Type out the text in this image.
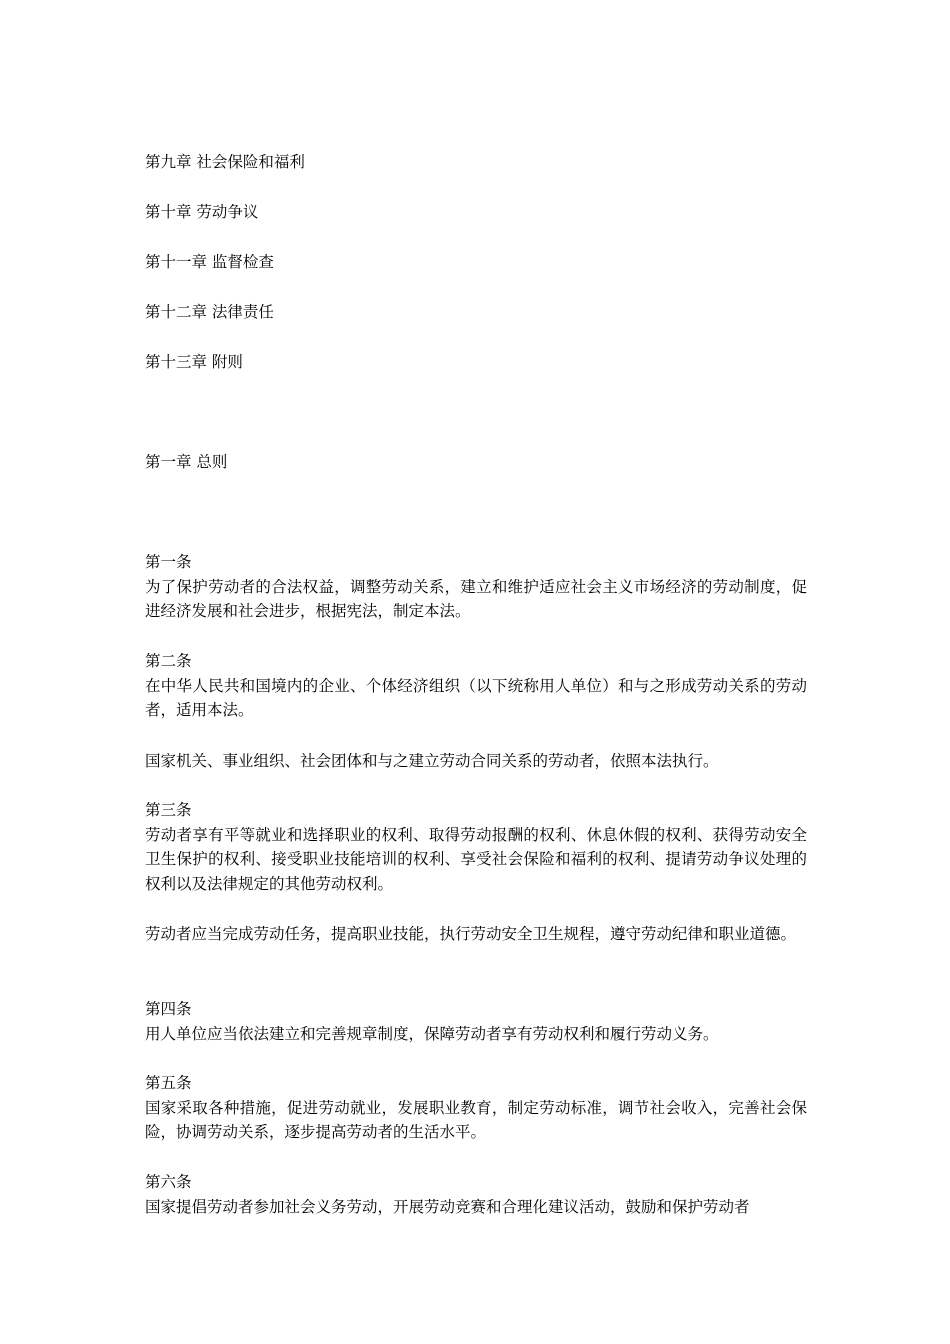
第九章 社会保险和福利
第十章 劳动争议
第十一章 监督检查
第十二章 法律责任
第十三章 附则
第一章 总则
第一条

为了保护劳动者的合法权益，调整劳动关系，建立和维护适应社会主义市场经济的劳动制度，促进经济发展和社会进步，根据宪法，制定本法。

第二条

在中华人民共和国境内的企业、个体经济组织（以下统称用人单位）和与之形成劳动关系的劳动者，适用本法。

国家机关、事业组织、社会团体和与之建立劳动合同关系的劳动者，依照本法执行。

第三条

劳动者享有平等就业和选择职业的权利、取得劳动报酬的权利、休息休假的权利、获得劳动安全卫生保护的权利、接受职业技能培训的权利、享受社会保险和福利的权利、提请劳动争议处理的权利以及法律规定的其他劳动权利。

劳动者应当完成劳动任务，提高职业技能，执行劳动安全卫生规程，遵守劳动纪律和职业道德。

第四条

用人单位应当依法建立和完善规章制度，保障劳动者享有劳动权利和履行劳动义务。

第五条

国家采取各种措施，促进劳动就业，发展职业教育，制定劳动标准，调节社会收入，完善社会保险，协调劳动关系，逐步提高劳动者的生活水平。

第六条

国家提倡劳动者参加社会义务劳动，开展劳动竞赛和合理化建议活动，鼓励和保护劳动者
